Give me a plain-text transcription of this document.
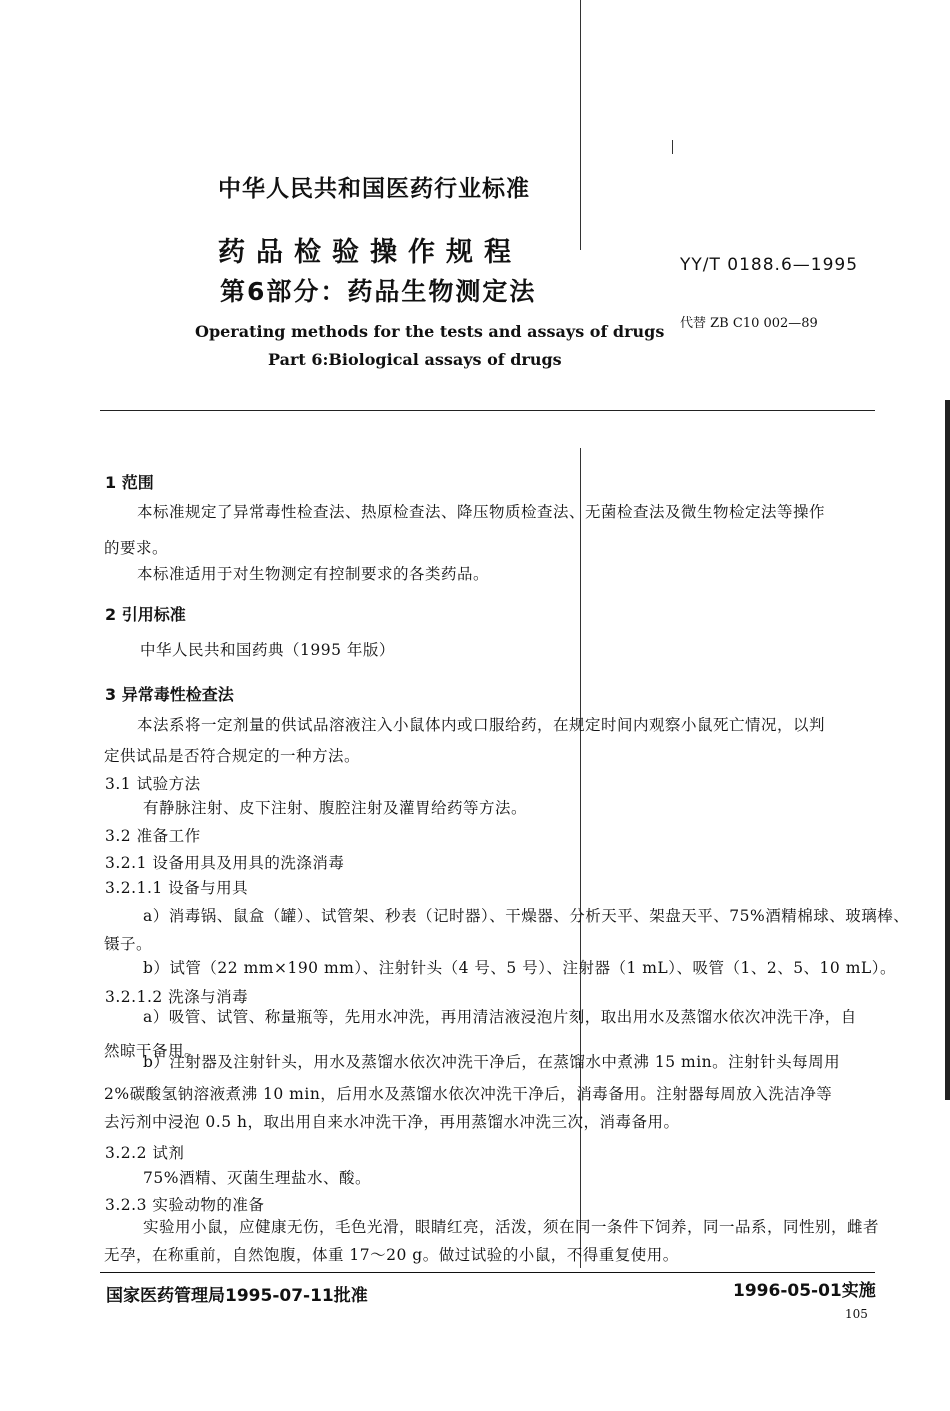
中华人民共和国医药行业标准
药品检验操作规程
第6部分：药品生物测定法
Operating methods for the tests and assays of drugs
Part 6:Biological assays of drugs
YY/T 0188.6—1995
代替 ZB C10 002—89
1 范围
本标准规定了异常毒性检查法、热原检查法、降压物质检查法、无菌检查法及微生物检定法等操作
的要求。
本标准适用于对生物测定有控制要求的各类药品。
2 引用标准
中华人民共和国药典（1995 年版）
3 异常毒性检查法
本法系将一定剂量的供试品溶液注入小鼠体内或口服给药，在规定时间内观察小鼠死亡情况，以判
定供试品是否符合规定的一种方法。
3.1 试验方法
有静脉注射、皮下注射、腹腔注射及灌胃给药等方法。
3.2 准备工作
3.2.1 设备用具及用具的洗涤消毒
3.2.1.1 设备与用具
a）消毒锅、鼠盒（罐）、试管架、秒表（记时器）、干燥器、分析天平、架盘天平、75%酒精棉球、玻璃棒、
镊子。
b）试管（22 mm×190 mm）、注射针头（4 号、5 号）、注射器（1 mL）、吸管（1、2、5、10 mL）。
3.2.1.2 洗涤与消毒
a）吸管、试管、称量瓶等，先用水冲洗，再用清洁液浸泡片刻，取出用水及蒸馏水依次冲洗干净，自
然晾干备用。
b）注射器及注射针头，用水及蒸馏水依次冲洗干净后，在蒸馏水中煮沸 15 min。注射针头每周用
2%碳酸氢钠溶液煮沸 10 min，后用水及蒸馏水依次冲洗干净后，消毒备用。注射器每周放入洗洁净等
去污剂中浸泡 0.5 h，取出用自来水冲洗干净，再用蒸馏水冲洗三次，消毒备用。
3.2.2 试剂
75%酒精、灭菌生理盐水、酸。
3.2.3 实验动物的准备
实验用小鼠，应健康无伤，毛色光滑，眼睛红亮，活泼，须在同一条件下饲养，同一品系，同性别，雌者
无孕，在称重前，自然饱腹，体重 17～20 g。做过试验的小鼠，不得重复使用。
国家医药管理局1995-07-11批准	1996-05-01实施
105
